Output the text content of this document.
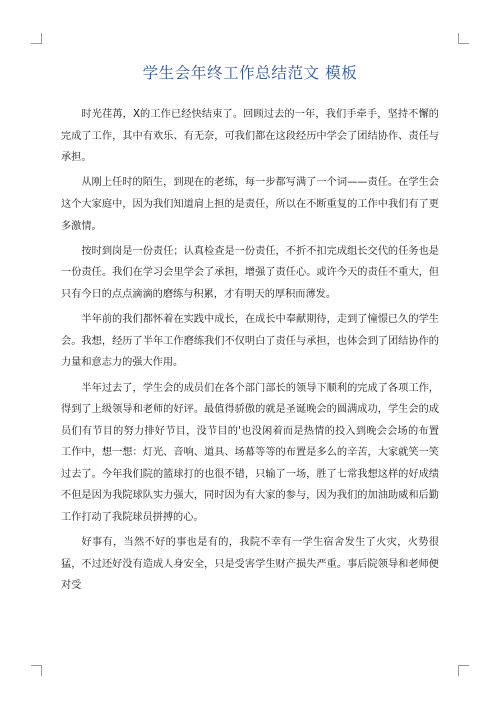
学生会年终工作总结范文 模板

时光荏苒，X的工作已经快结束了。回顾过去的一年，我们手牵手，坚持不懈的完成了工作，其中有欢乐、有无奈，可我们都在这段经历中学会了团结协作、责任与承担。

从刚上任时的陌生，到现在的老练，每一步都写满了一个词——责任。在学生会这个大家庭中，因为我们知道肩上担的是责任，所以在不断重复的工作中我们有了更多激情。

按时到岗是一份责任；认真检查是一份责任，不折不扣完成组长交代的任务也是一份责任。我们在学习会里学会了承担，增强了责任心。或许今天的责任不重大，但只有今日的点点滴滴的磨练与积累，才有明天的厚积而薄发。

半年前的我们都怀着在实践中成长，在成长中奉献期待，走到了憧憬已久的学生会。我想，经历了半年工作磨练我们不仅明白了责任与承担，也体会到了团结协作的力量和意志力的强大作用。

半年过去了，学生会的成员们在各个部门部长的领导下顺利的完成了各项工作，得到了上级领导和老师的好评。最值得骄傲的就是圣诞晚会的圆满成功，学生会的成员们有节目的努力排好节目，没节目的'也没闲着而是热情的投入到晚会会场的布置工作中，想一想：灯光、音响、道具、场幕等等的布置是多么的辛苦，大家就笑一笑过去了。今年我们院的篮球打的也很不错，只输了一场，胜了七常我想这样的好成绩不但是因为我院球队实力强大，同时因为有大家的参与，因为我们的加油助威和后勤工作打动了我院球员拼搏的心。

好事有，当然不好的事也是有的，我院不幸有一学生宿舍发生了火灾，火势很猛，不过还好没有造成人身安全，只是受害学生财产损失严重。事后院领导和老师便对受
